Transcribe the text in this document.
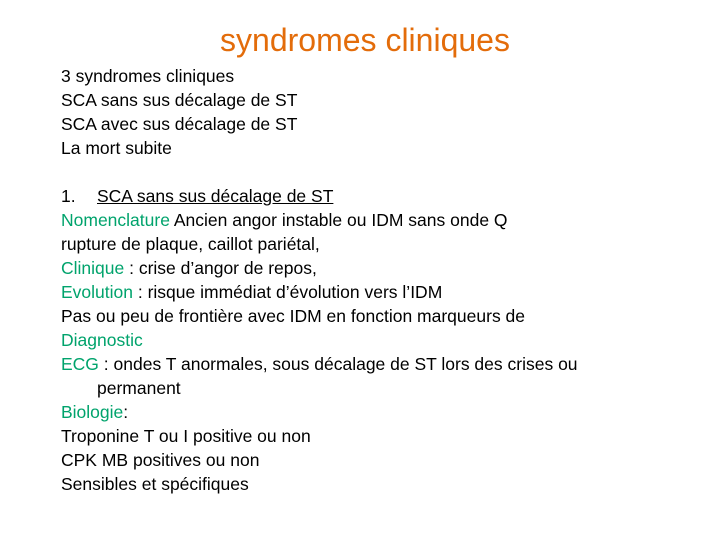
syndromes cliniques
3 syndromes cliniques
SCA sans sus décalage de ST
SCA avec sus décalage de ST
La mort subite
1. SCA sans sus décalage de ST
Nomenclature Ancien angor instable ou IDM sans onde Q
rupture de plaque, caillot pariétal,
Clinique : crise d’angor de repos,
Evolution : risque immédiat d’évolution vers l’IDM
Pas ou peu de frontière avec IDM en fonction marqueurs de
Diagnostic
ECG : ondes T anormales, sous décalage de ST lors des crises ou
permanent
Biologie:
Troponine T ou I positive ou non
CPK MB positives ou non
Sensibles et spécifiques
